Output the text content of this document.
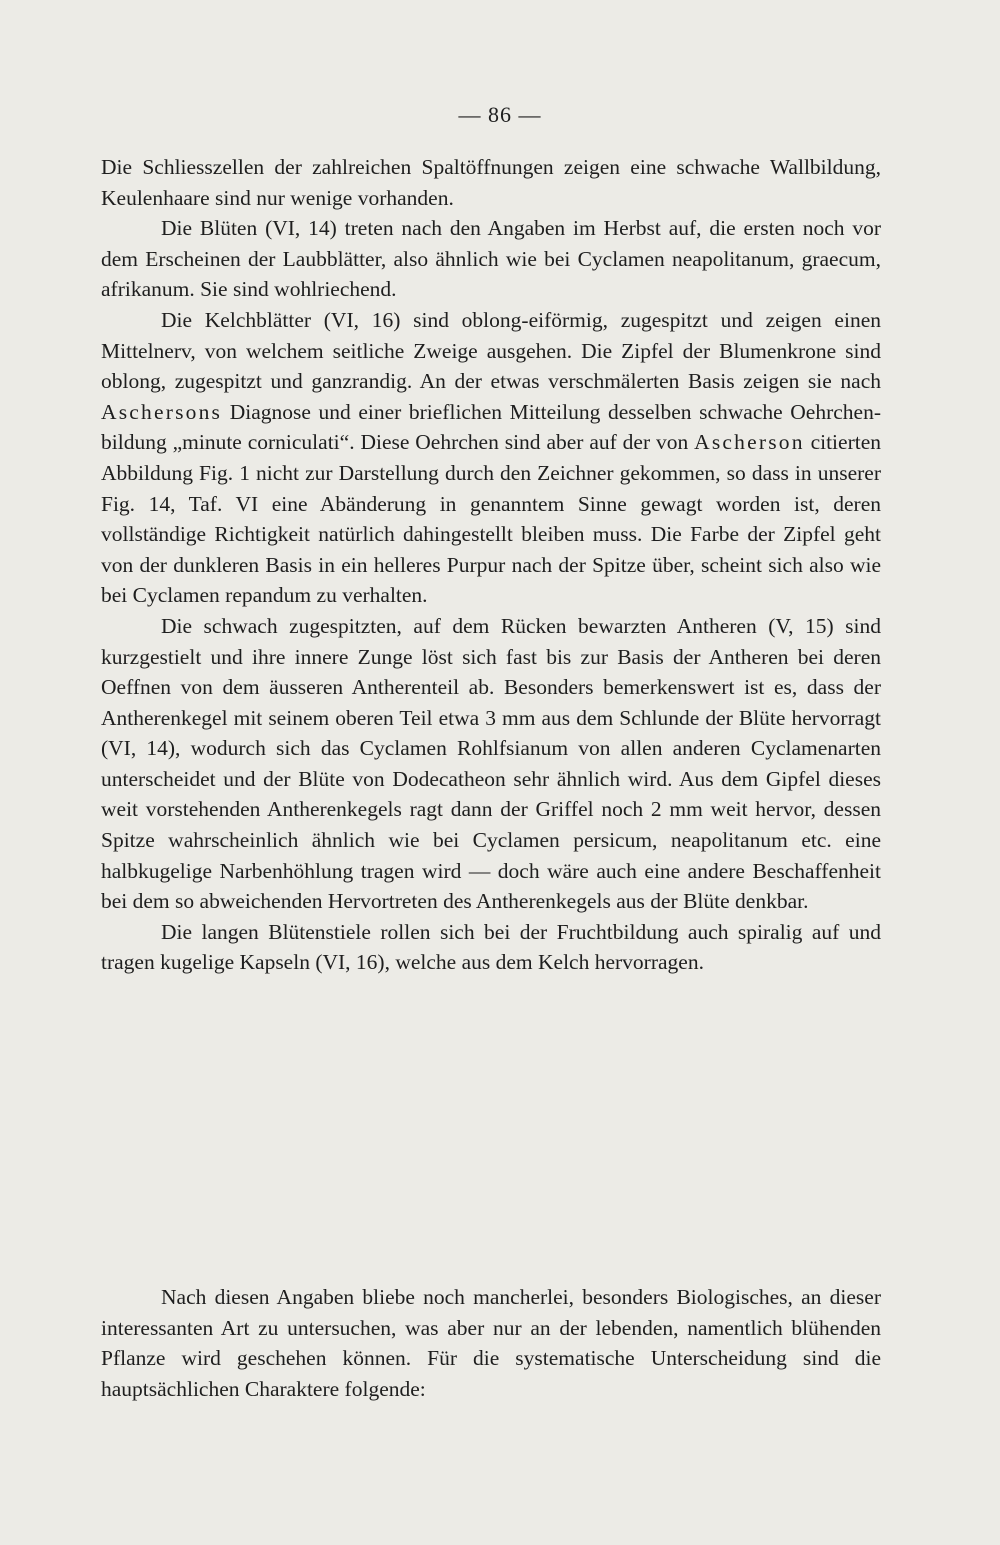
— 86 —

Die Schliesszellen der zahlreichen Spaltöffnungen zeigen eine schwache Wallbildung, Keulenhaare sind nur wenige vorhanden.

Die Blüten (VI, 14) treten nach den Angaben im Herbst auf, die ersten noch vor dem Erscheinen der Laubblätter, also ähnlich wie bei Cyclamen neapolitanum, graecum, afrikanum. Sie sind wohlriechend.

Die Kelchblätter (VI, 16) sind oblong-eiförmig, zugespitzt und zeigen einen Mittelnerv, von welchem seitliche Zweige ausgehen. Die Zipfel der Blumenkrone sind oblong, zugespitzt und ganzrandig. An der etwas verschmälerten Basis zeigen sie nach Aschersons Diagnose und einer brieflichen Mitteilung desselben schwache Oehrchenbildung „minute corniculati“. Diese Oehrchen sind aber auf der von Ascherson citierten Abbildung Fig. 1 nicht zur Darstellung durch den Zeichner gekommen, so dass in unserer Fig. 14, Taf. VI eine Abänderung in genanntem Sinne gewagt worden ist, deren vollständige Richtigkeit natürlich dahingestellt bleiben muss. Die Farbe der Zipfel geht von der dunkleren Basis in ein helleres Purpur nach der Spitze über, scheint sich also wie bei Cyclamen repandum zu verhalten.

Die schwach zugespitzten, auf dem Rücken bewarzten Antheren (V, 15) sind kurzgestielt und ihre innere Zunge löst sich fast bis zur Basis der Antheren bei deren Oeffnen von dem äusseren Antherenteil ab. Besonders bemerkenswert ist es, dass der Antherenkegel mit seinem oberen Teil etwa 3 mm aus dem Schlunde der Blüte hervorragt (VI, 14), wodurch sich das Cyclamen Rohlfsianum von allen anderen Cyclamenarten unterscheidet und der Blüte von Dodecatheon sehr ähnlich wird. Aus dem Gipfel dieses weit vorstehenden Antherenkegels ragt dann der Griffel noch 2 mm weit hervor, dessen Spitze wahrscheinlich ähnlich wie bei Cyclamen persicum, neapolitanum etc. eine halbkugelige Narbenhöhlung tragen wird — doch wäre auch eine andere Beschaffenheit bei dem so abweichenden Hervortreten des Antherenkegels aus der Blüte denkbar.

Die langen Blütenstiele rollen sich bei der Fruchtbildung auch spiralig auf und tragen kugelige Kapseln (VI, 16), welche aus dem Kelch hervorragen.

Nach diesen Angaben bliebe noch mancherlei, besonders Biologisches, an dieser interessanten Art zu untersuchen, was aber nur an der lebenden, namentlich blühenden Pflanze wird geschehen können. Für die systematische Unterscheidung sind die hauptsächlichen Charaktere folgende:
